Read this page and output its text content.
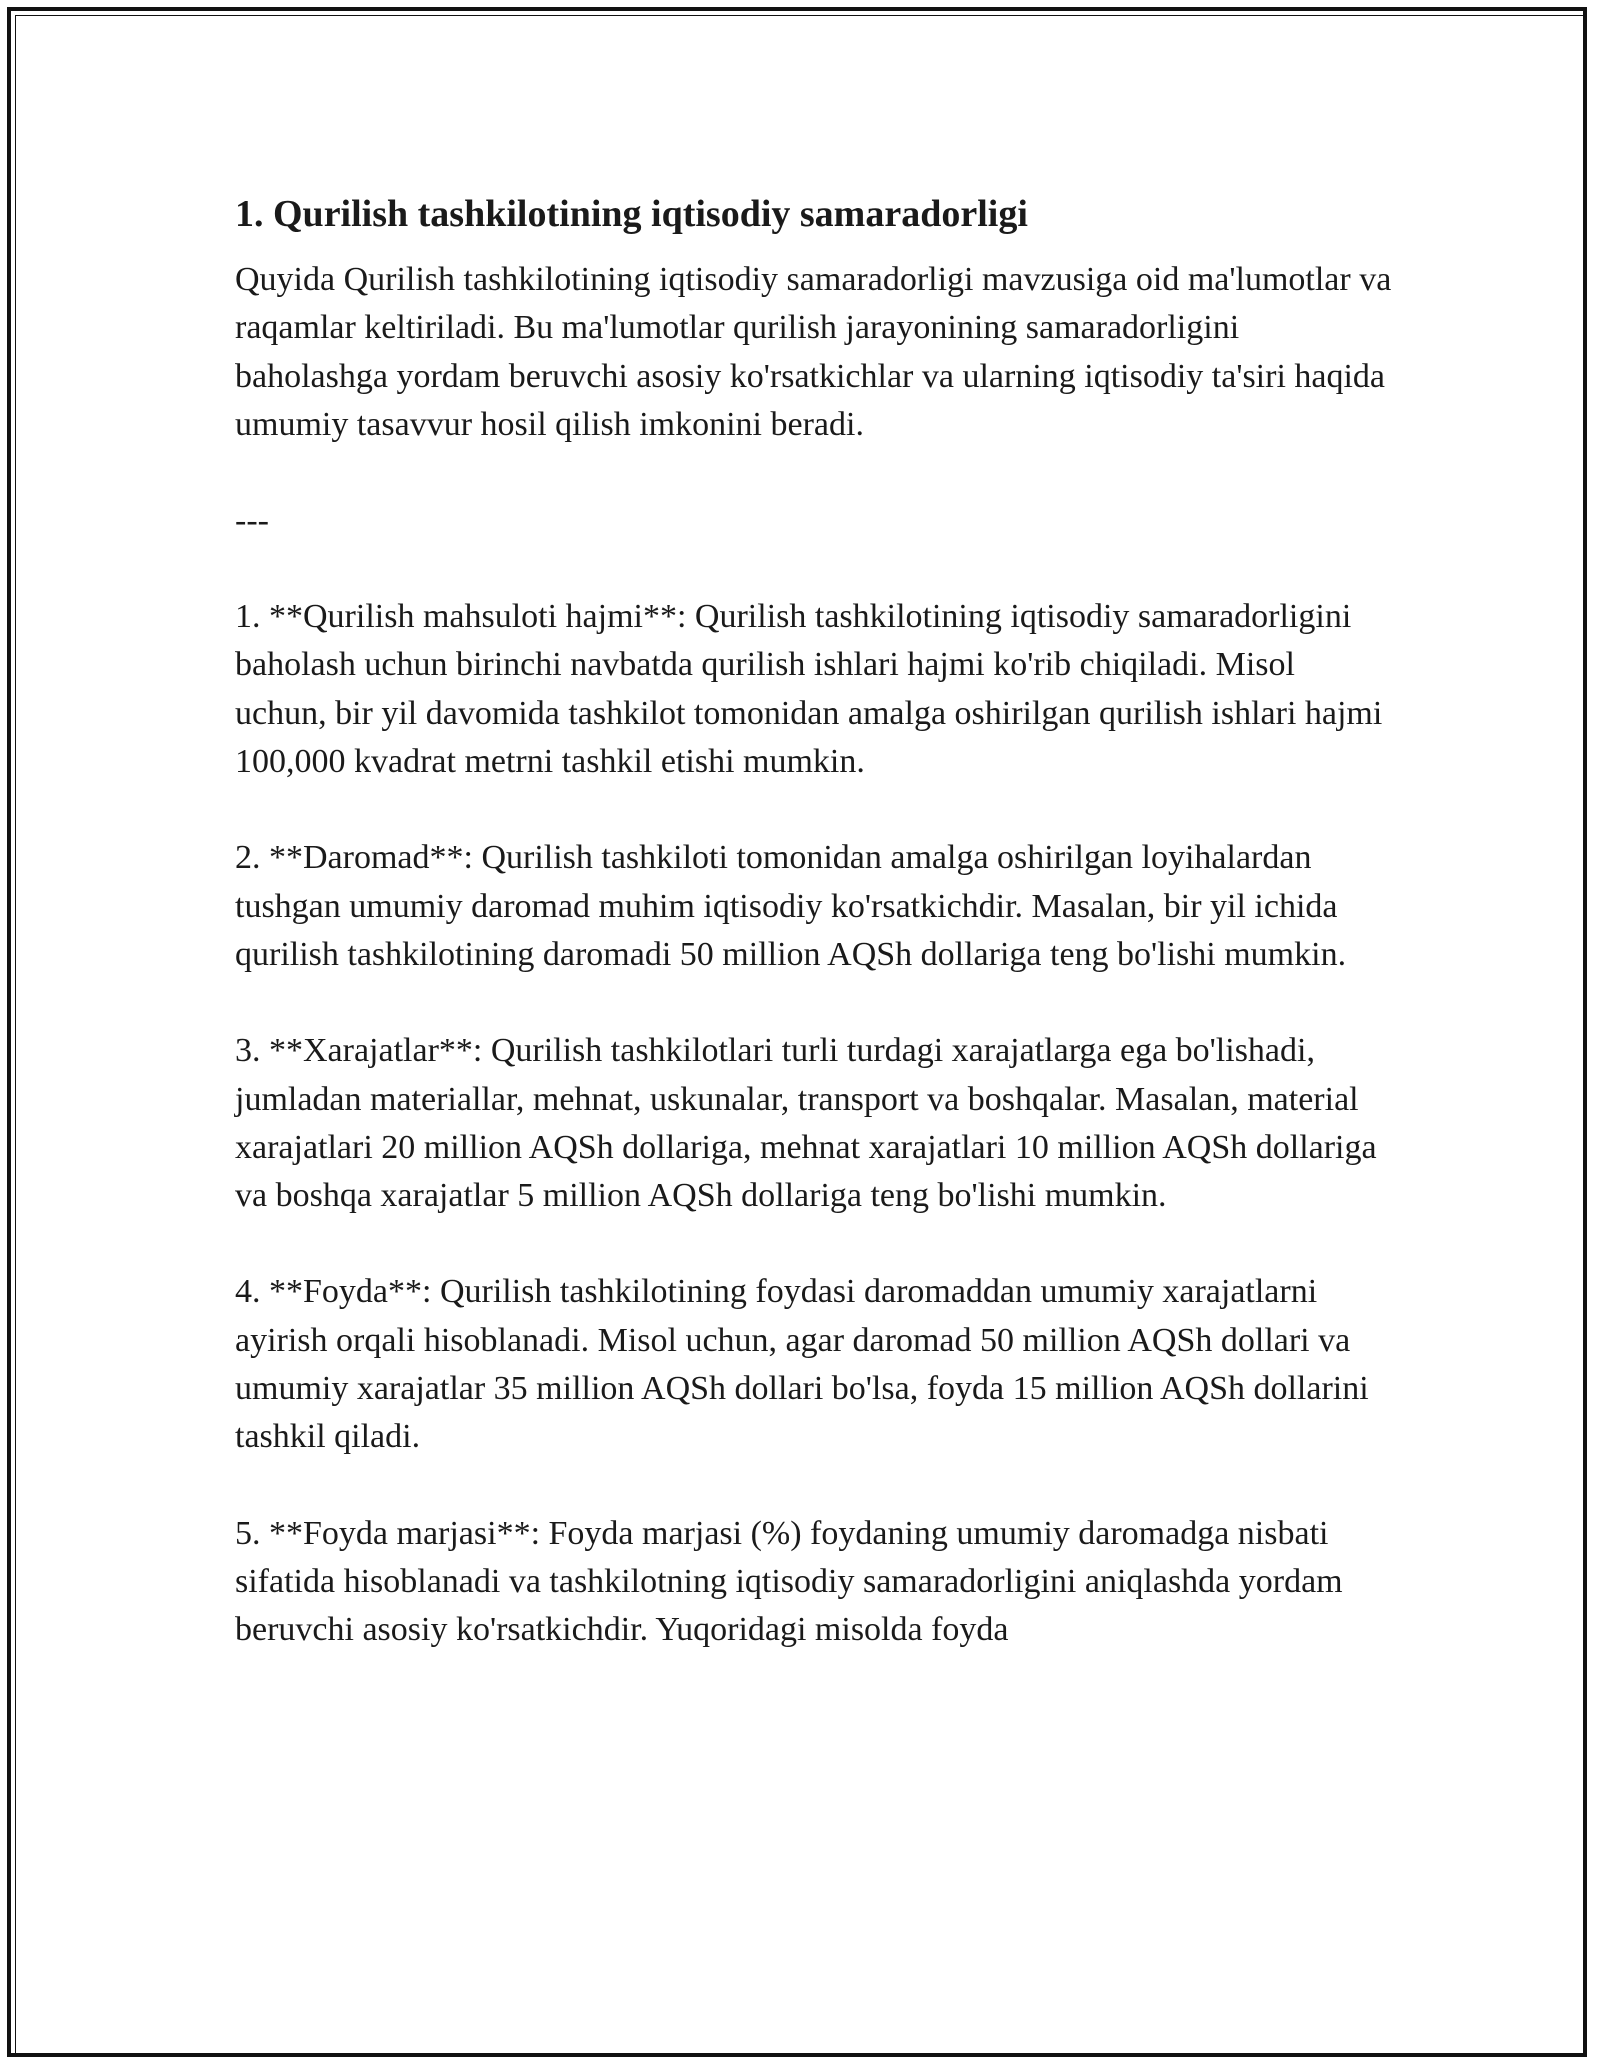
1. Qurilish tashkilotining iqtisodiy samaradorligi

Quyida Qurilish tashkilotining iqtisodiy samaradorligi mavzusiga oid ma'lumotlar va raqamlar keltiriladi. Bu ma'lumotlar qurilish jarayonining samaradorligini baholashga yordam beruvchi asosiy ko'rsatkichlar va ularning iqtisodiy ta'siri haqida umumiy tasavvur hosil qilish imkonini beradi.

---

1. **Qurilish mahsuloti hajmi**: Qurilish tashkilotining iqtisodiy samaradorligini baholash uchun birinchi navbatda qurilish ishlari hajmi ko'rib chiqiladi. Misol uchun, bir yil davomida tashkilot tomonidan amalga oshirilgan qurilish ishlari hajmi 100,000 kvadrat metrni tashkil etishi mumkin.

2. **Daromad**: Qurilish tashkiloti tomonidan amalga oshirilgan loyihalardan tushgan umumiy daromad muhim iqtisodiy ko'rsatkichdir. Masalan, bir yil ichida qurilish tashkilotining daromadi 50 million AQSh dollariga teng bo'lishi mumkin.

3. **Xarajatlar**: Qurilish tashkilotlari turli turdagi xarajatlarga ega bo'lishadi, jumladan materiallar, mehnat, uskunalar, transport va boshqalar. Masalan, material xarajatlari 20 million AQSh dollariga, mehnat xarajatlari 10 million AQSh dollariga va boshqa xarajatlar 5 million AQSh dollariga teng bo'lishi mumkin.

4. **Foyda**: Qurilish tashkilotining foydasi daromaddan umumiy xarajatlarni ayirish orqali hisoblanadi. Misol uchun, agar daromad 50 million AQSh dollari va umumiy xarajatlar 35 million AQSh dollari bo'lsa, foyda 15 million AQSh dollarini tashkil qiladi.

5. **Foyda marjasi**: Foyda marjasi (%) foydaning umumiy daromadga nisbati sifatida hisoblanadi va tashkilotning iqtisodiy samaradorligini aniqlashda yordam beruvchi asosiy ko'rsatkichdir. Yuqoridagi misolda foyda
